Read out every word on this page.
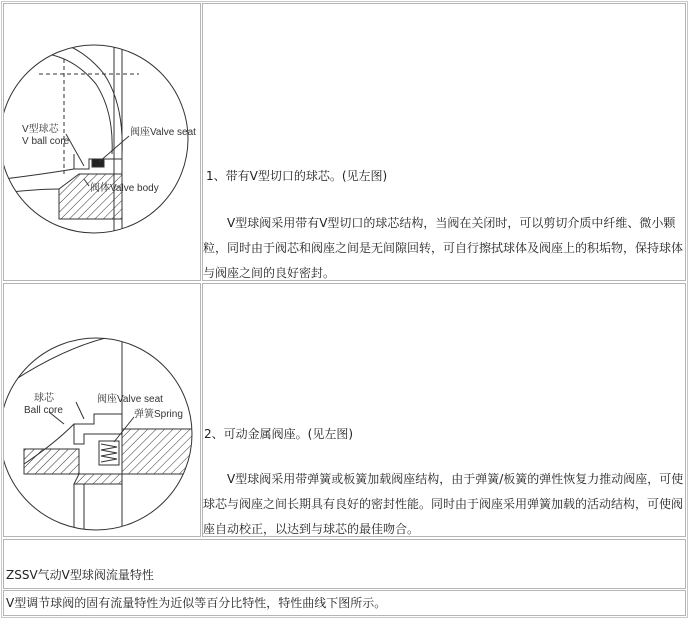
V型球芯
V ball core
阀座Valve seat
阀体Valve body
1、带有V型切口的球芯。(见左图)
V型球阀采用带有V型切口的球芯结构，当阀在关闭时，可以剪切介质中纤维、微小颗粒，同时由于阀芯和阀座之间是无间隙回转，可自行擦拭球体及阀座上的积垢物，保持球体与阀座之间的良好密封。
球芯
Ball core
阀座Valve seat
弹簧Spring
2、可动金属阀座。(见左图)
V型球阀采用带弹簧或板簧加载阀座结构，由于弹簧/板簧的弹性恢复力推动阀座，可使球芯与阀座之间长期具有良好的密封性能。同时由于阀座采用弹簧加载的活动结构，可使阀座自动校正，以达到与球芯的最佳吻合。
ZSSV气动V型球阀流量特性
V型调节球阀的固有流量特性为近似等百分比特性，特性曲线下图所示。
